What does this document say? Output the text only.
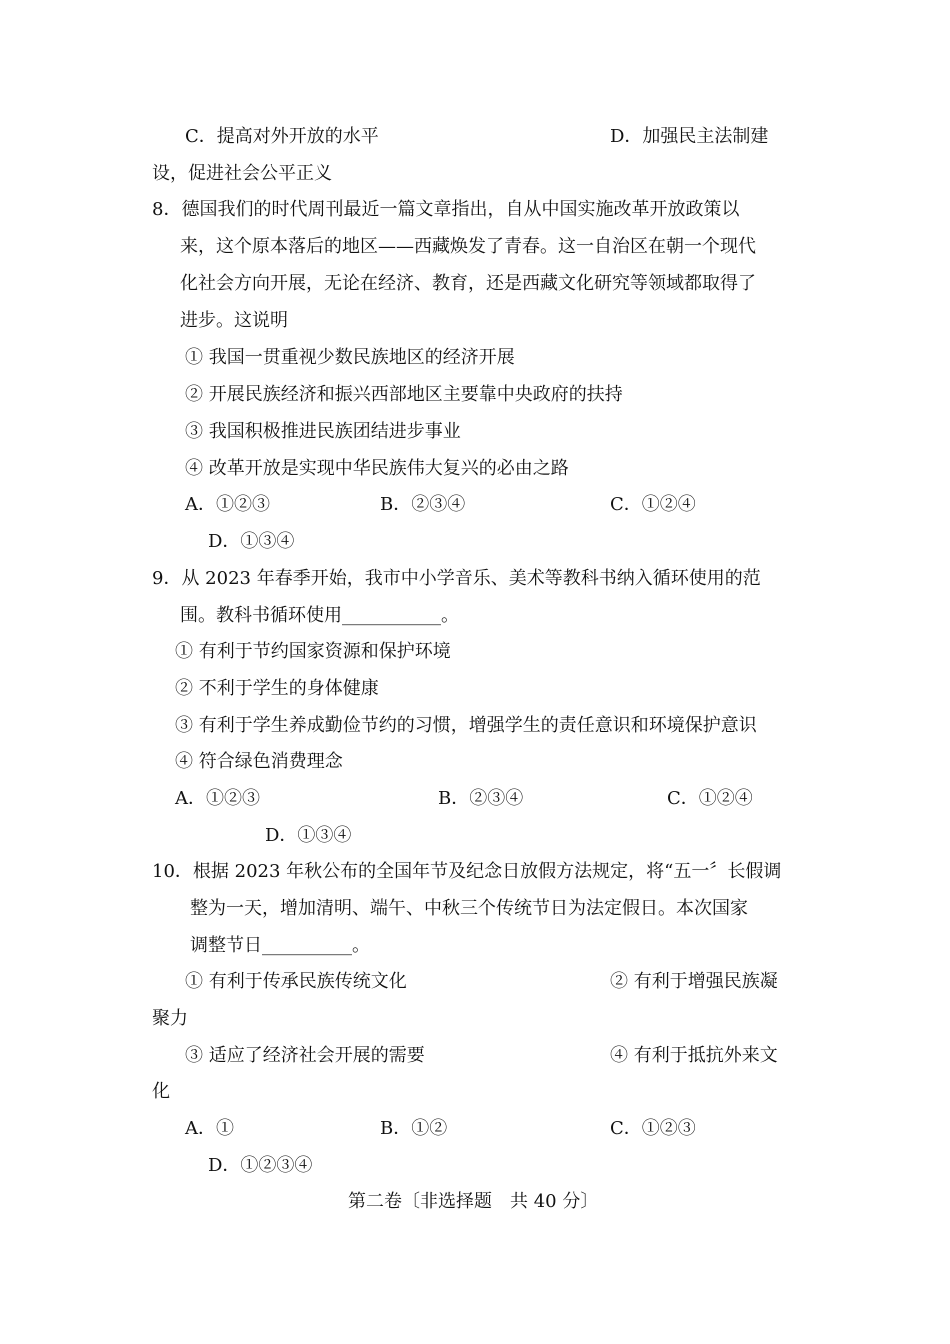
C．提高对外开放的水平	D．加强民主法制建
设，促进社会公平正义
8．德国我们的时代周刊最近一篇文章指出，自从中国实施改革开放政策以
来，这个原本落后的地区——西藏焕发了青春。这一自治区在朝一个现代
化社会方向开展，无论在经济、教育，还是西藏文化研究等领域都取得了
进步。这说明
① 我国一贯重视少数民族地区的经济开展
② 开展民族经济和振兴西部地区主要靠中央政府的扶持
③ 我国积极推进民族团结进步事业
④ 改革开放是实现中华民族伟大复兴的必由之路
A．①②③	B．②③④	C．①②④
D．①③④
9．从 2023 年春季开始，我市中小学音乐、美术等教科书纳入循环使用的范
围。教科书循环使用___________。
① 有利于节约国家资源和保护环境
② 不利于学生的身体健康
③ 有利于学生养成勤俭节约的习惯，增强学生的责任意识和环境保护意识
④ 符合绿色消费理念
A．①②③	B．②③④	C．①②④
D．①③④
10．根据 2023 年秋公布的全国年节及纪念日放假方法规定，将“五一〞长假调
整为一天，增加清明、端午、中秋三个传统节日为法定假日。本次国家
调整节日__________。
① 有利于传承民族传统文化	② 有利于增强民族凝
聚力
③ 适应了经济社会开展的需要	④ 有利于抵抗外来文
化
A．①	B．①②	C．①②③
D．①②③④
第二卷〔非选择题　共 40 分〕
